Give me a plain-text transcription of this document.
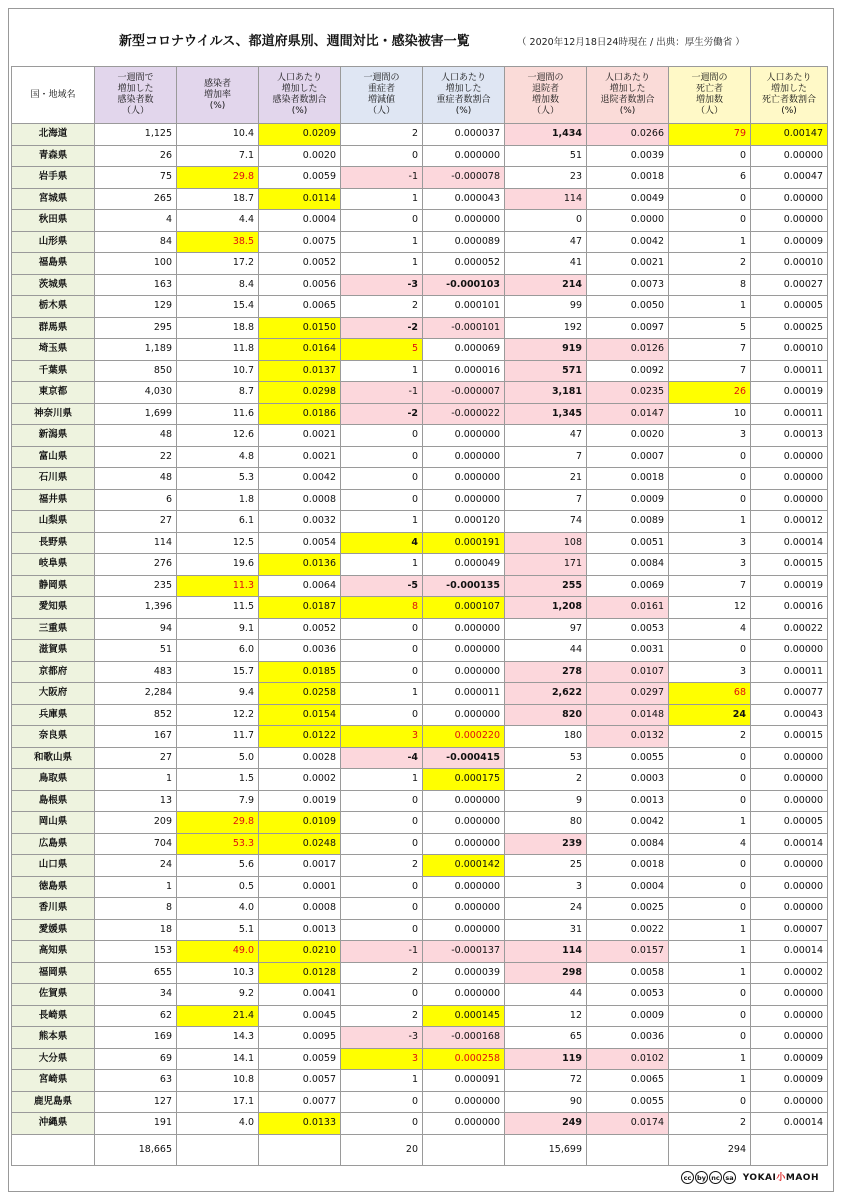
新型コロナウイルス、都道府県別、週間対比・感染被害一覧	（ 2020年12月18日24時現在 / 出典：厚生労働省 ）
国・地域名	一週間で
増加した
感染者数
（人）	感染者
増加率
(%)	人口あたり
増加した
感染者数割合
(%)	一週間の
重症者
増減値
（人）	人口あたり
増加した
重症者数割合
(%)	一週間の
退院者
増加数
（人）	人口あたり
増加した
退院者数割合
(%)	一週間の
死亡者
増加数
（人）	人口あたり
増加した
死亡者数割合
(%)
北海道	1,125	10.4	0.0209	2	0.000037	1,434	0.0266	79	0.00147
青森県	26	7.1	0.0020	0	0.000000	51	0.0039	0	0.00000
岩手県	75	29.8	0.0059	-1	-0.000078	23	0.0018	6	0.00047
宮城県	265	18.7	0.0114	1	0.000043	114	0.0049	0	0.00000
秋田県	4	4.4	0.0004	0	0.000000	0	0.0000	0	0.00000
山形県	84	38.5	0.0075	1	0.000089	47	0.0042	1	0.00009
福島県	100	17.2	0.0052	1	0.000052	41	0.0021	2	0.00010
茨城県	163	8.4	0.0056	-3	-0.000103	214	0.0073	8	0.00027
栃木県	129	15.4	0.0065	2	0.000101	99	0.0050	1	0.00005
群馬県	295	18.8	0.0150	-2	-0.000101	192	0.0097	5	0.00025
埼玉県	1,189	11.8	0.0164	5	0.000069	919	0.0126	7	0.00010
千葉県	850	10.7	0.0137	1	0.000016	571	0.0092	7	0.00011
東京都	4,030	8.7	0.0298	-1	-0.000007	3,181	0.0235	26	0.00019
神奈川県	1,699	11.6	0.0186	-2	-0.000022	1,345	0.0147	10	0.00011
新潟県	48	12.6	0.0021	0	0.000000	47	0.0020	3	0.00013
富山県	22	4.8	0.0021	0	0.000000	7	0.0007	0	0.00000
石川県	48	5.3	0.0042	0	0.000000	21	0.0018	0	0.00000
福井県	6	1.8	0.0008	0	0.000000	7	0.0009	0	0.00000
山梨県	27	6.1	0.0032	1	0.000120	74	0.0089	1	0.00012
長野県	114	12.5	0.0054	4	0.000191	108	0.0051	3	0.00014
岐阜県	276	19.6	0.0136	1	0.000049	171	0.0084	3	0.00015
静岡県	235	11.3	0.0064	-5	-0.000135	255	0.0069	7	0.00019
愛知県	1,396	11.5	0.0187	8	0.000107	1,208	0.0161	12	0.00016
三重県	94	9.1	0.0052	0	0.000000	97	0.0053	4	0.00022
滋賀県	51	6.0	0.0036	0	0.000000	44	0.0031	0	0.00000
京都府	483	15.7	0.0185	0	0.000000	278	0.0107	3	0.00011
大阪府	2,284	9.4	0.0258	1	0.000011	2,622	0.0297	68	0.00077
兵庫県	852	12.2	0.0154	0	0.000000	820	0.0148	24	0.00043
奈良県	167	11.7	0.0122	3	0.000220	180	0.0132	2	0.00015
和歌山県	27	5.0	0.0028	-4	-0.000415	53	0.0055	0	0.00000
鳥取県	1	1.5	0.0002	1	0.000175	2	0.0003	0	0.00000
島根県	13	7.9	0.0019	0	0.000000	9	0.0013	0	0.00000
岡山県	209	29.8	0.0109	0	0.000000	80	0.0042	1	0.00005
広島県	704	53.3	0.0248	0	0.000000	239	0.0084	4	0.00014
山口県	24	5.6	0.0017	2	0.000142	25	0.0018	0	0.00000
徳島県	1	0.5	0.0001	0	0.000000	3	0.0004	0	0.00000
香川県	8	4.0	0.0008	0	0.000000	24	0.0025	0	0.00000
愛媛県	18	5.1	0.0013	0	0.000000	31	0.0022	1	0.00007
高知県	153	49.0	0.0210	-1	-0.000137	114	0.0157	1	0.00014
福岡県	655	10.3	0.0128	2	0.000039	298	0.0058	1	0.00002
佐賀県	34	9.2	0.0041	0	0.000000	44	0.0053	0	0.00000
長崎県	62	21.4	0.0045	2	0.000145	12	0.0009	0	0.00000
熊本県	169	14.3	0.0095	-3	-0.000168	65	0.0036	0	0.00000
大分県	69	14.1	0.0059	3	0.000258	119	0.0102	1	0.00009
宮崎県	63	10.8	0.0057	1	0.000091	72	0.0065	1	0.00009
鹿児島県	127	17.1	0.0077	0	0.000000	90	0.0055	0	0.00000
沖縄県	191	4.0	0.0133	0	0.000000	249	0.0174	2	0.00014
	18,665			20		15,699		294	
cc by nc sa YOKAI小MAOH
